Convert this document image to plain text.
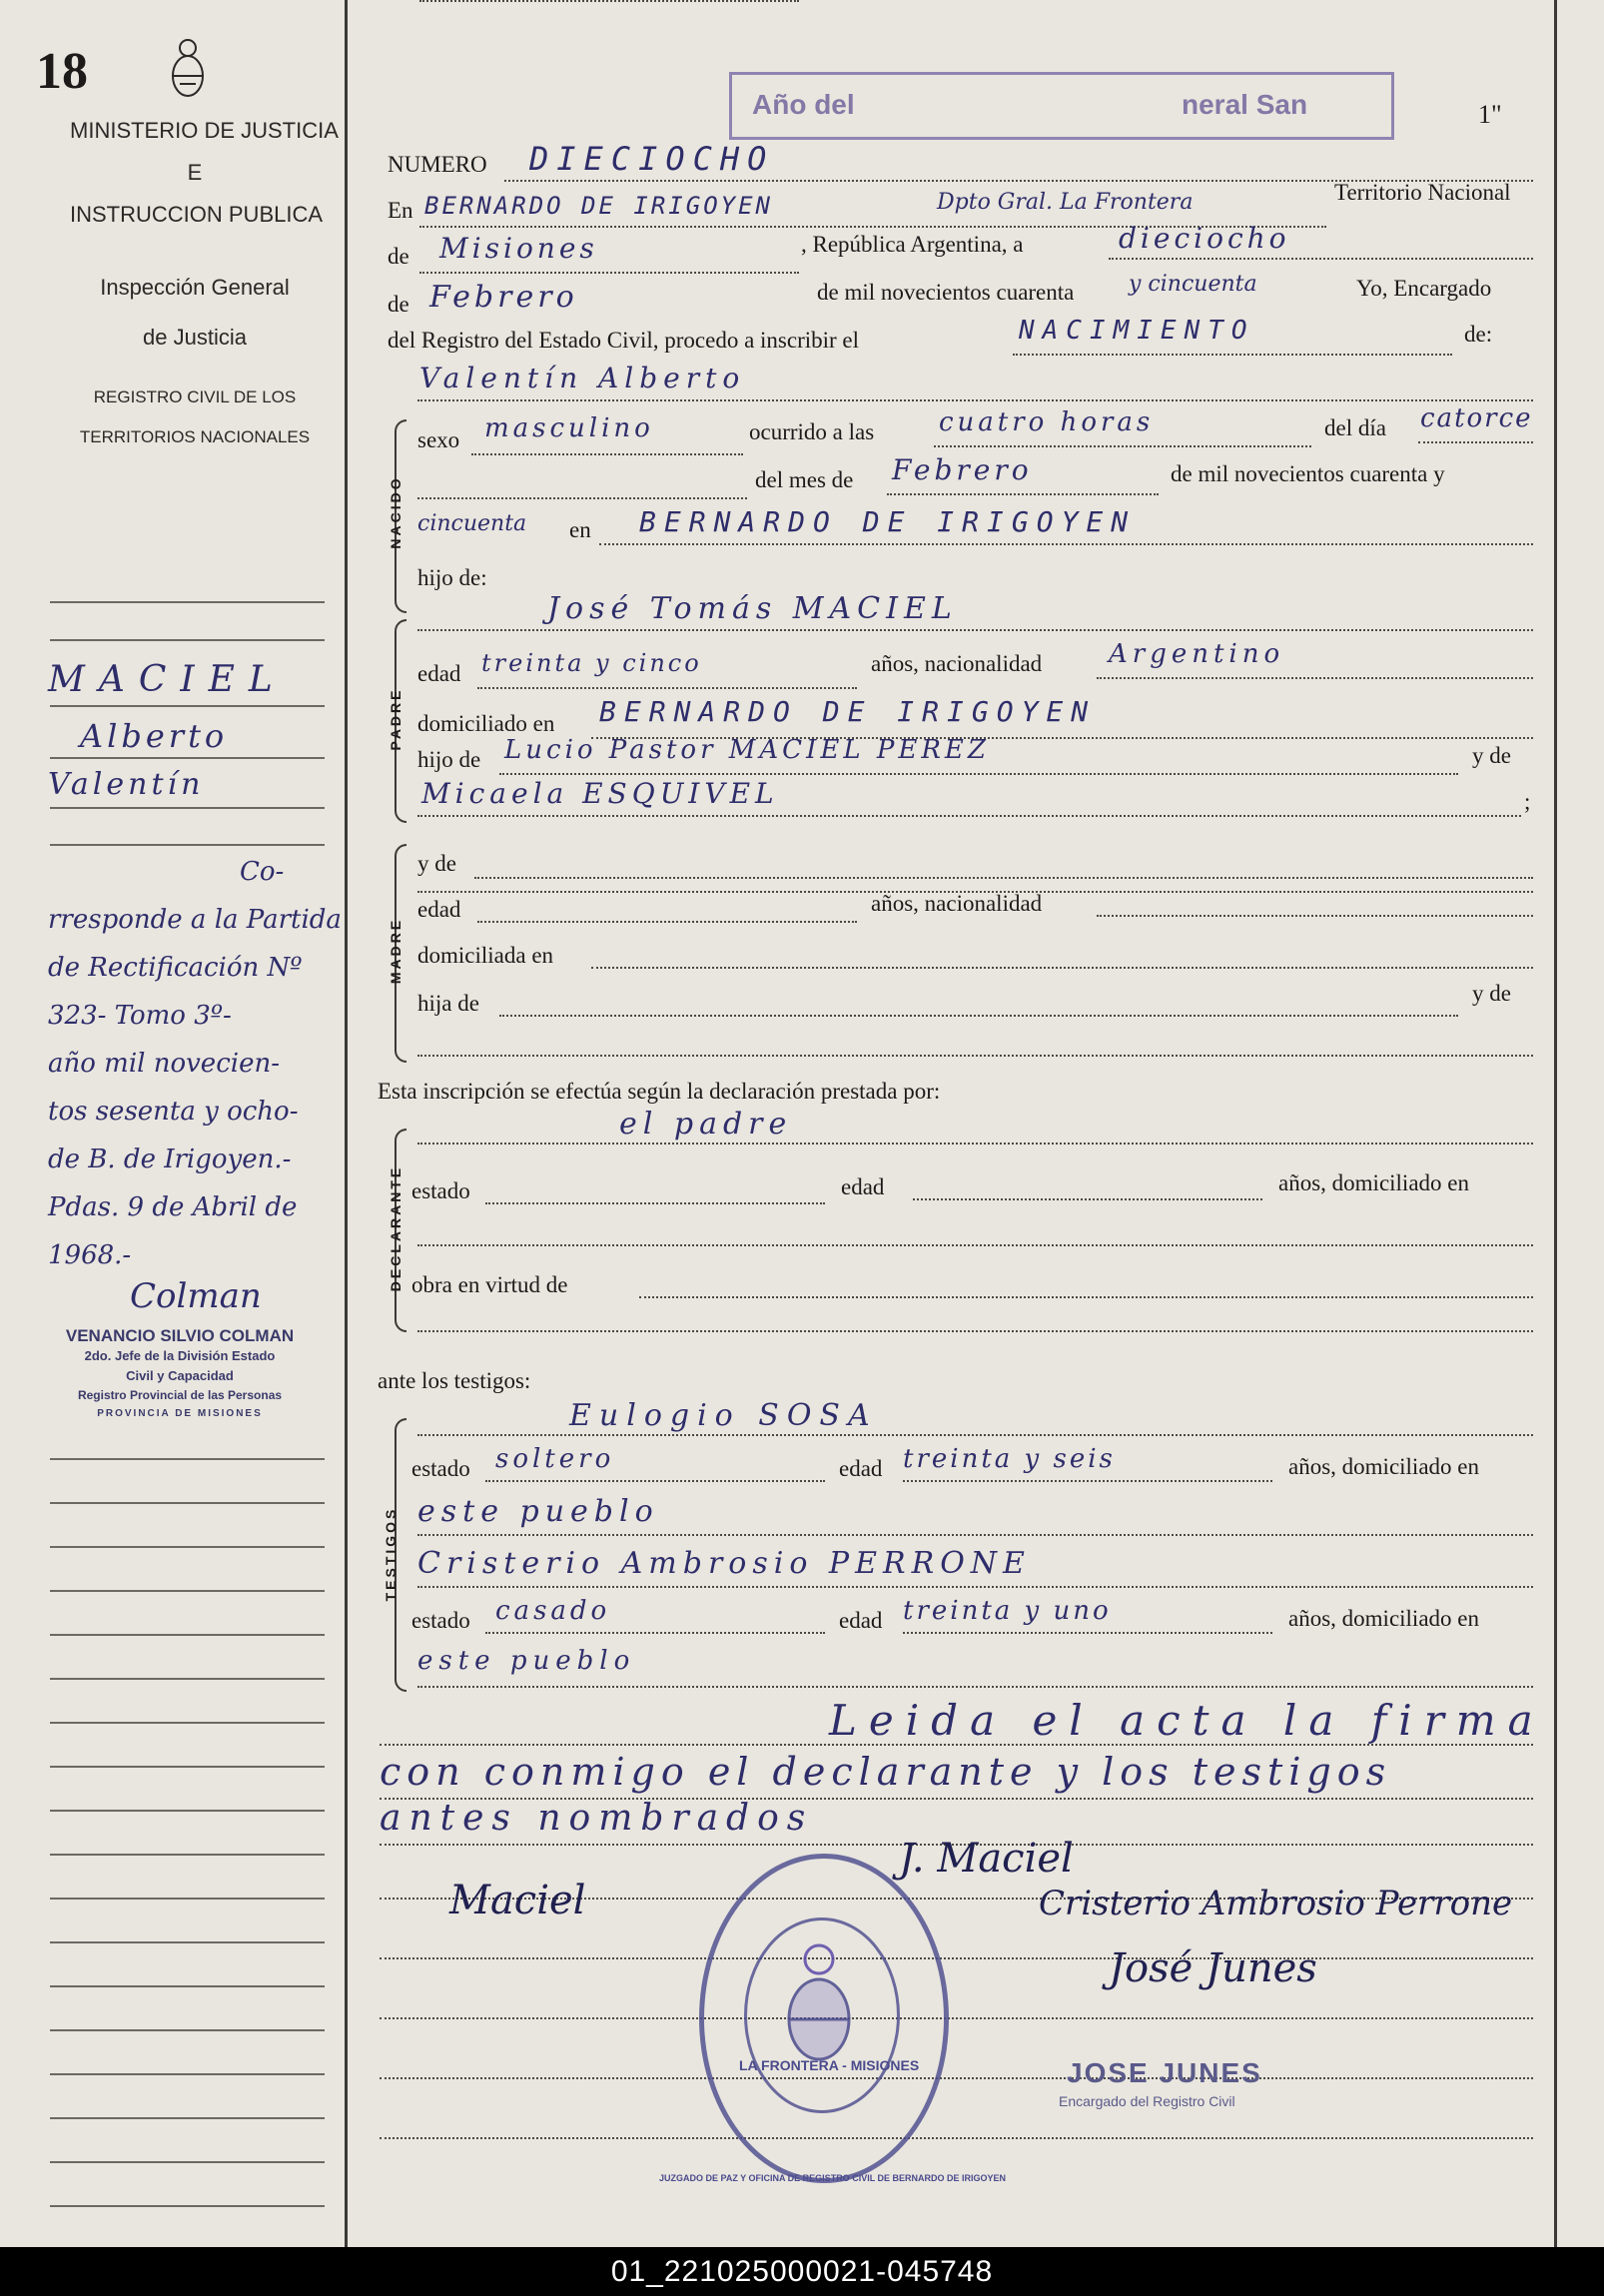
18
MINISTERIO DE JUSTICIA
E
INSTRUCCION PUBLICA
Inspección General
de Justicia
REGISTRO CIVIL DE LOS
TERRITORIOS NACIONALES
MACIEL
Alberto
Valentín
Co-
rresponde a la Partida
de Rectificación Nº
323- Tomo 3º-
año mil novecien-
tos sesenta y ocho-
de B. de Irigoyen.-
Pdas. 9 de Abril de
1968.-
Colman
VENANCIO SILVIO COLMAN
2do. Jefe de la División Estado
Civil y Capacidad
Registro Provincial de las Personas
PROVINCIA DE MISIONES
Año del	neral San	1"
NUMERO DIECIOCHO
En BERNARDO DE IRIGOYEN	Dpto Gral. La Frontera	Territorio Nacional
de Misiones	, República Argentina, a	dieciocho
de Febrero	de mil novecientos cuarenta y cincuenta	Yo, Encargado
del Registro del Estado Civil, procedo a inscribir el	NACIMIENTO	de:
Valentín Alberto
NACIDO
sexo masculino	ocurrido a las cuatro horas	del día catorce
del mes de Febrero	de mil novecientos cuarenta y
cincuenta en BERNARDO DE IRIGOYEN
hijo de:
PADRE
José Tomás MACIEL
edad treinta y cinco	años, nacionalidad	Argentino
domiciliado en BERNARDO DE IRIGOYEN
hijo de Lucio Pastor MACIEL PEREZ	y de
Micaela ESQUIVEL	;
MADRE
y de
edad	años, nacionalidad
domiciliada en
hija de	y de
Esta inscripción se efectúa según la declaración prestada por:
DECLARANTE
el padre
estado	edad	años, domiciliado en
obra en virtud de
ante los testigos:
TESTIGOS
Eulogio SOSA
estado soltero	edad treinta y seis	años, domiciliado en
este pueblo
Cristerio Ambrosio PERRONE
estado casado	edad treinta y uno	años, domiciliado en
este pueblo
Leida el acta la firma
con conmigo el declarante y los testigos
antes nombrados
Maciel
J. Maciel
Cristerio Ambrosio Perrone
José Junes
JUZGADO DE PAZ Y OFICINA DE REGISTRO CIVIL DE BERNARDO DE IRIGOYEN
LA FRONTERA - MISIONES	JOSE JUNES
Encargado del Registro Civil
01_221025000021-045748
